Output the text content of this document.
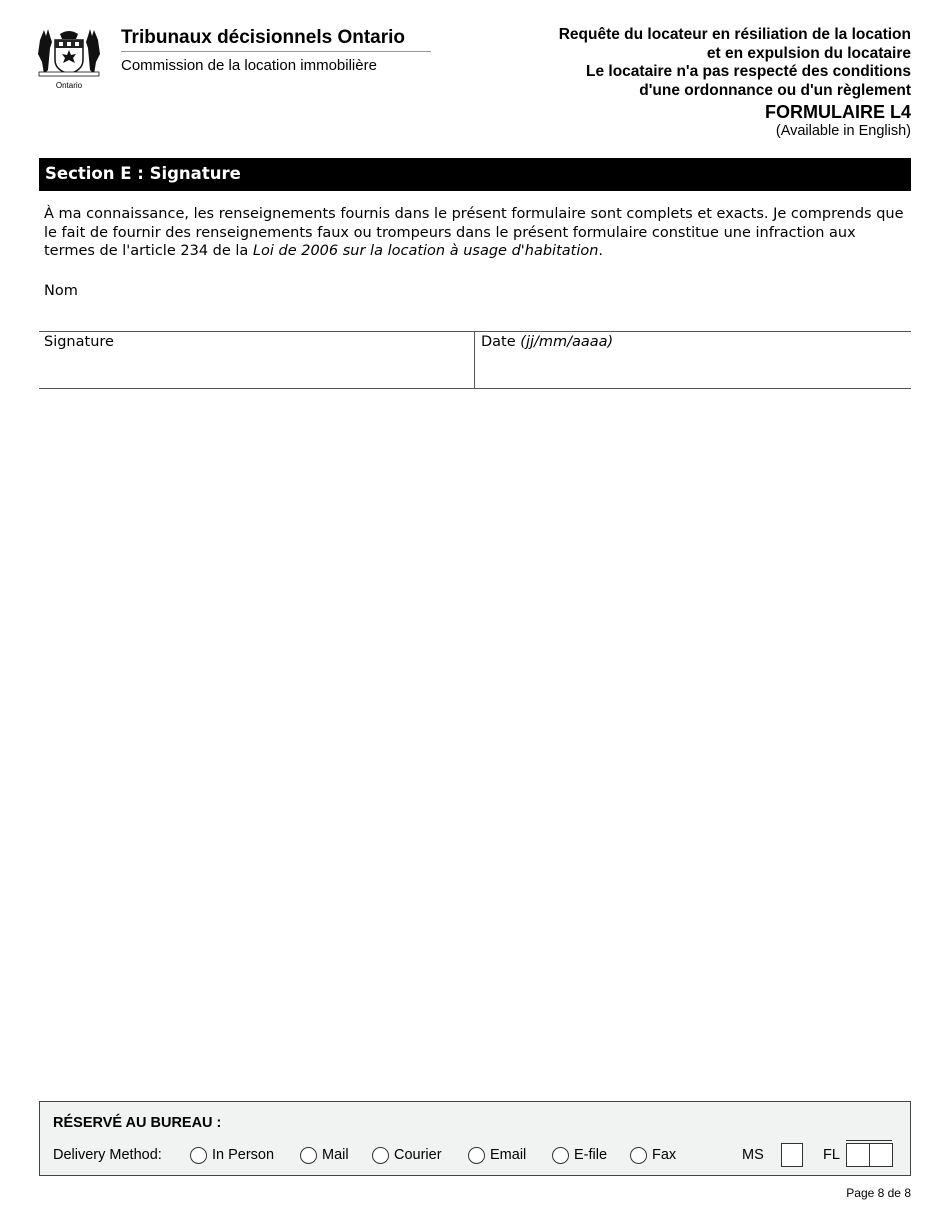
Ontario
Tribunaux décisionnels Ontario
Commission de la location immobilière
Requête du locateur en résiliation de la location
et en expulsion du locataire
Le locataire n'a pas respecté des conditions
d'une ordonnance ou d'un règlement
FORMULAIRE L4
(Available in English)
Section E : Signature
À ma connaissance, les renseignements fournis dans le présent formulaire sont complets et exacts. Je comprends que le fait de fournir des renseignements faux ou trompeurs dans le présent formulaire constitue une infraction aux termes de l'article 234 de la Loi de 2006 sur la location à usage d'habitation.
Nom
Signature	Date (jj/mm/aaaa)
RÉSERVÉ AU BUREAU :
Delivery Method:	In Person	Mail	Courier	Email	E-file	Fax	MS	FL
Page 8 de 8
